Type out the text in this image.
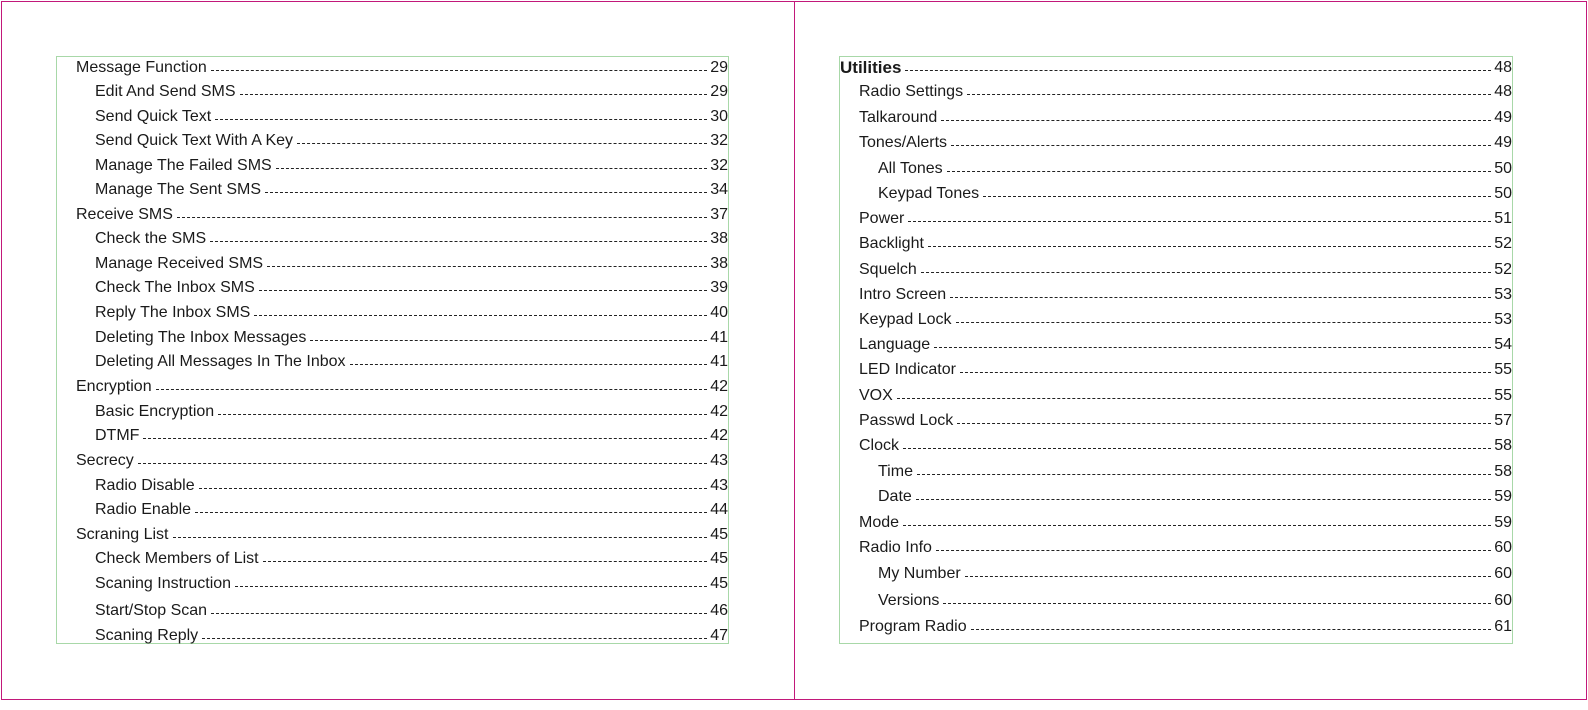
Message Function	29
Edit And Send SMS	29
Send Quick Text	30
Send Quick Text With A Key	32
Manage The Failed SMS	32
Manage The Sent SMS	34
Receive SMS	37
Check the SMS	38
Manage Received SMS	38
Check The Inbox SMS	39
Reply The Inbox SMS	40
Deleting The Inbox Messages	41
Deleting All Messages In The Inbox	41
Encryption	42
Basic Encryption	42
DTMF	42
Secrecy	43
Radio Disable	43
Radio Enable	44
Scraning List	45
Check Members of List	45
Scaning Instruction	45
Start/Stop Scan	46
Scaning Reply	47
Utilities	48
Radio Settings	48
Talkaround	49
Tones/Alerts	49
All Tones	50
Keypad Tones	50
Power	51
Backlight	52
Squelch	52
Intro Screen	53
Keypad Lock	53
Language	54
LED Indicator	55
VOX	55
Passwd Lock	57
Clock	58
Time	58
Date	59
Mode	59
Radio Info	60
My Number	60
Versions	60
Program Radio	61
